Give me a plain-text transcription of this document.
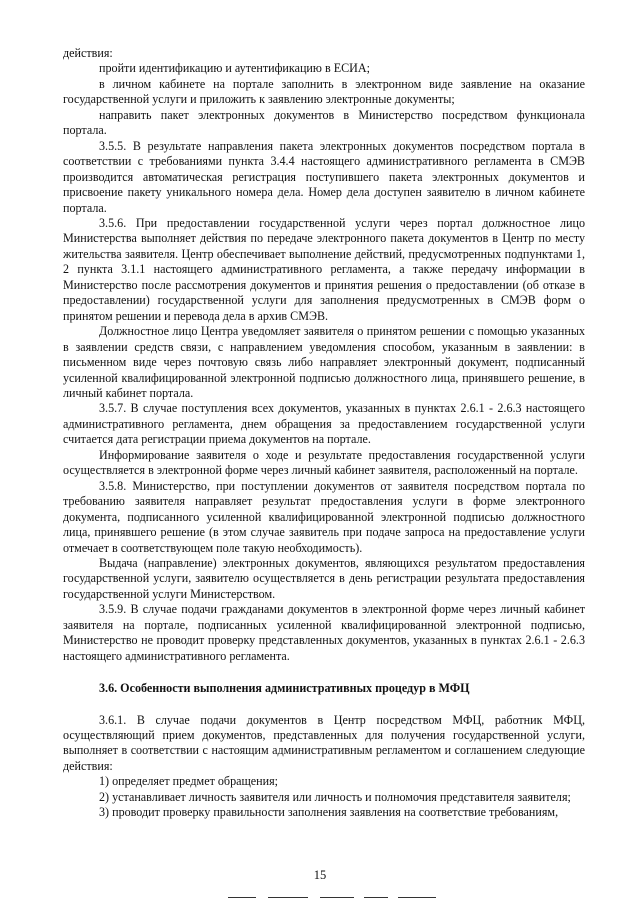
действия:

пройти идентификацию и аутентификацию в ЕСИА;

в личном кабинете на портале заполнить в электронном виде заявление на оказание государственной услуги и приложить к заявлению электронные документы;

направить пакет электронных документов в Министерство посредством функционала портала.

3.5.5. В результате направления пакета электронных документов посредством портала в соответствии с требованиями пункта 3.4.4 настоящего административного регламента в СМЭВ производится автоматическая регистрация поступившего пакета электронных документов и присвоение пакету уникального номера дела. Номер дела доступен заявителю в личном кабинете портала.

3.5.6. При предоставлении государственной услуги через портал должностное лицо Министерства выполняет действия по передаче электронного пакета документов в Центр по месту жительства заявителя. Центр обеспечивает выполнение действий, предусмотренных подпунктами 1, 2 пункта 3.1.1 настоящего административного регламента, а также передачу информации в Министерство после рассмотрения документов и принятия решения о предоставлении (об отказе в предоставлении) государственной услуги для заполнения предусмотренных в СМЭВ форм о принятом решении и перевода дела в архив СМЭВ.

Должностное лицо Центра уведомляет заявителя о принятом решении с помощью указанных в заявлении средств связи, с направлением уведомления способом, указанным в заявлении: в письменном виде через почтовую связь либо направляет электронный документ, подписанный усиленной квалифицированной электронной подписью должностного лица, принявшего решение, в личный кабинет портала.

3.5.7. В случае поступления всех документов, указанных в пунктах 2.6.1 - 2.6.3 настоящего административного регламента, днем обращения за предоставлением государственной услуги считается дата регистрации приема документов на портале.

Информирование заявителя о ходе и результате предоставления государственной услуги осуществляется в электронной форме через личный кабинет заявителя, расположенный на портале.

3.5.8. Министерство, при поступлении документов от заявителя посредством портала по требованию заявителя направляет результат предоставления услуги в форме электронного документа, подписанного усиленной квалифицированной электронной подписью должностного лица, принявшего решение (в этом случае заявитель при подаче запроса на предоставление услуги отмечает в соответствующем поле такую необходимость).

Выдача (направление) электронных документов, являющихся результатом предоставления государственной услуги, заявителю осуществляется в день регистрации результата предоставления государственной услуги Министерством.

3.5.9. В случае подачи гражданами документов в электронной форме через личный кабинет заявителя на портале, подписанных усиленной квалифицированной электронной подписью, Министерство не проводит проверку представленных документов, указанных в пунктах 2.6.1 - 2.6.3 настоящего административного регламента.

3.6. Особенности выполнения административных процедур в МФЦ

3.6.1. В случае подачи документов в Центр посредством МФЦ, работник МФЦ, осуществляющий прием документов, представленных для получения государственной услуги, выполняет в соответствии с настоящим административным регламентом и соглашением следующие действия:

1) определяет предмет обращения;

2) устанавливает личность заявителя или личность и полномочия представителя заявителя;

3) проводит проверку правильности заполнения заявления на соответствие требованиям,

15
